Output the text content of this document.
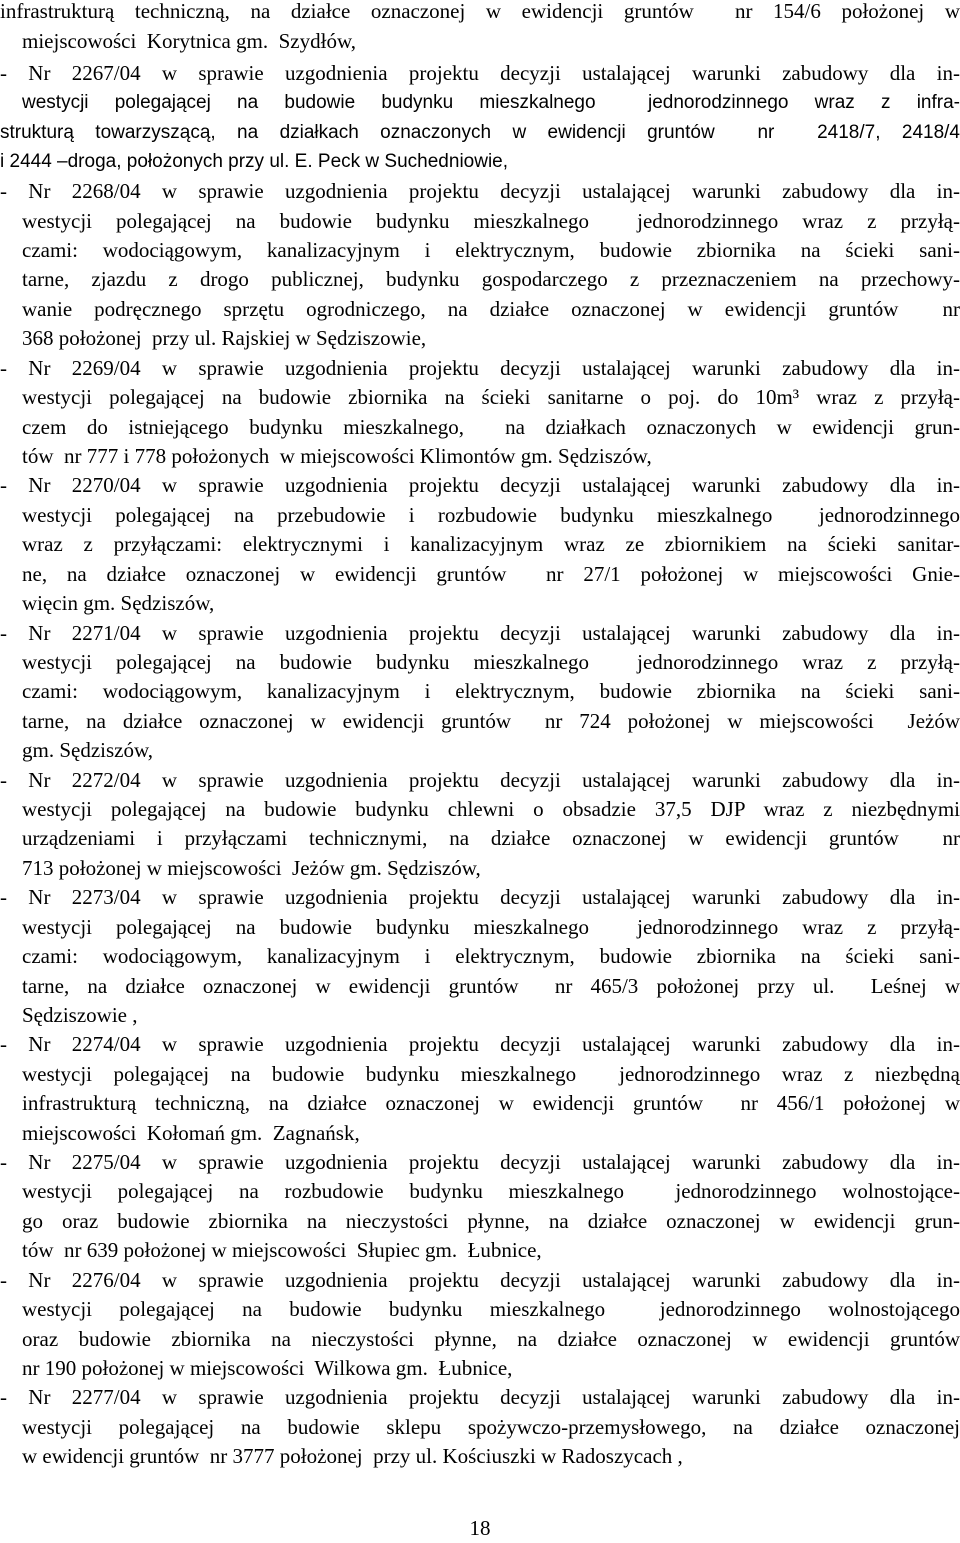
infrastrukturą techniczną, na działce oznaczonej w ewidencji gruntów  nr 154/6 położonej w
miejscowości  Korytnica gm.  Szydłów,
- Nr 2267/04 w sprawie uzgodnienia projektu decyzji ustalającej warunki zabudowy dla in-
westycji polegającej na budowie budynku mieszkalnego  jednorodzinnego wraz z infra-
strukturą towarzyszącą, na działkach oznaczonych w ewidencji gruntów  nr  2418/7, 2418/4
i 2444 –droga, położonych przy ul. E. Peck w Suchedniowie,
- Nr 2268/04 w sprawie uzgodnienia projektu decyzji ustalającej warunki zabudowy dla in-
westycji polegającej na budowie budynku mieszkalnego  jednorodzinnego wraz z przyłą-
czami: wodociągowym, kanalizacyjnym i elektrycznym, budowie zbiornika na ścieki sani-
tarne, zjazdu z drogo publicznej, budynku gospodarczego z przeznaczeniem na przechowy-
wanie podręcznego sprzętu ogrodniczego, na działce oznaczonej w ewidencji gruntów  nr
368 położonej  przy ul. Rajskiej w Sędziszowie,
- Nr 2269/04 w sprawie uzgodnienia projektu decyzji ustalającej warunki zabudowy dla in-
westycji polegającej na budowie zbiornika na ścieki sanitarne o poj. do 10m³ wraz z przyłą-
czem do istniejącego budynku mieszkalnego,  na działkach oznaczonych w ewidencji grun-
tów  nr 777 i 778 położonych  w miejscowości Klimontów gm. Sędziszów,
- Nr 2270/04 w sprawie uzgodnienia projektu decyzji ustalającej warunki zabudowy dla in-
westycji polegającej na przebudowie i rozbudowie budynku mieszkalnego  jednorodzinnego
wraz z przyłączami: elektrycznymi i kanalizacyjnym wraz ze zbiornikiem na ścieki sanitar-
ne, na działce oznaczonej w ewidencji gruntów  nr 27/1 położonej w miejscowości Gnie-
więcin gm. Sędziszów,
- Nr 2271/04 w sprawie uzgodnienia projektu decyzji ustalającej warunki zabudowy dla in-
westycji polegającej na budowie budynku mieszkalnego  jednorodzinnego wraz z przyłą-
czami: wodociągowym, kanalizacyjnym i elektrycznym, budowie zbiornika na ścieki sani-
tarne, na działce oznaczonej w ewidencji gruntów  nr 724 położonej w miejscowości  Jeżów
gm. Sędziszów,
- Nr 2272/04 w sprawie uzgodnienia projektu decyzji ustalającej warunki zabudowy dla in-
westycji polegającej na budowie budynku chlewni o obsadzie 37,5 DJP wraz z niezbędnymi
urządzeniami i przyłączami technicznymi, na działce oznaczonej w ewidencji gruntów  nr
713 położonej w miejscowości  Jeżów gm. Sędziszów,
- Nr 2273/04 w sprawie uzgodnienia projektu decyzji ustalającej warunki zabudowy dla in-
westycji polegającej na budowie budynku mieszkalnego  jednorodzinnego wraz z przyłą-
czami: wodociągowym, kanalizacyjnym i elektrycznym, budowie zbiornika na ścieki sani-
tarne, na działce oznaczonej w ewidencji gruntów  nr 465/3 położonej przy ul.  Leśnej w
Sędziszowie ,
- Nr 2274/04 w sprawie uzgodnienia projektu decyzji ustalającej warunki zabudowy dla in-
westycji polegającej na budowie budynku mieszkalnego  jednorodzinnego wraz z niezbędną
infrastrukturą techniczną, na działce oznaczonej w ewidencji gruntów  nr 456/1 położonej w
miejscowości  Kołomań gm.  Zagnańsk,
- Nr 2275/04 w sprawie uzgodnienia projektu decyzji ustalającej warunki zabudowy dla in-
westycji polegającej na rozbudowie budynku mieszkalnego  jednorodzinnego wolnostojące-
go oraz budowie zbiornika na nieczystości płynne, na działce oznaczonej w ewidencji grun-
tów  nr 639 położonej w miejscowości  Słupiec gm.  Łubnice,
- Nr 2276/04 w sprawie uzgodnienia projektu decyzji ustalającej warunki zabudowy dla in-
westycji polegającej na budowie budynku mieszkalnego  jednorodzinnego wolnostojącego
oraz budowie zbiornika na nieczystości płynne, na działce oznaczonej w ewidencji gruntów
nr 190 położonej w miejscowości  Wilkowa gm.  Łubnice,
- Nr 2277/04 w sprawie uzgodnienia projektu decyzji ustalającej warunki zabudowy dla in-
westycji polegającej na budowie sklepu spożywczo-przemysłowego, na działce oznaczonej
w ewidencji gruntów  nr 3777 położonej  przy ul. Kościuszki w Radoszycach ,
18
